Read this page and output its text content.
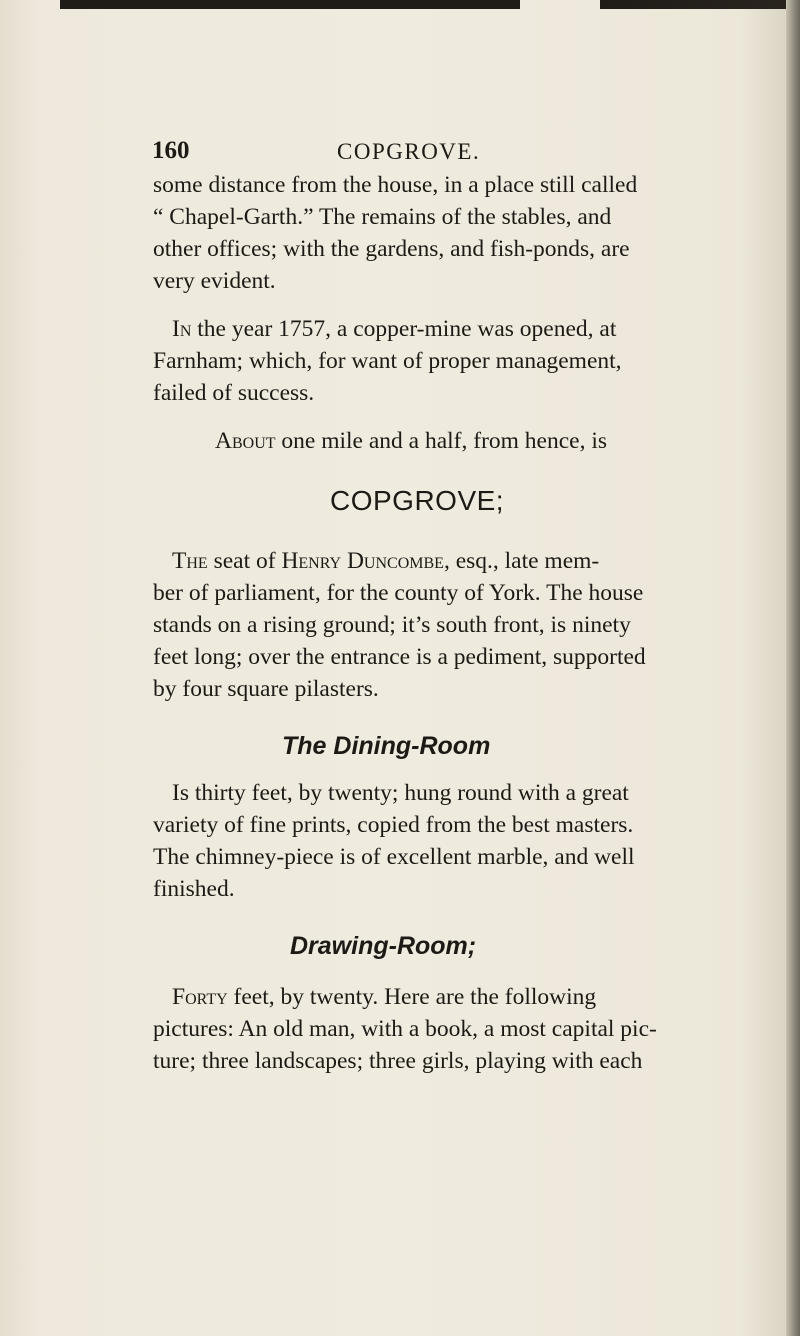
160	COPGROVE.
some distance from the house, in a place still called
“ Chapel-Garth.” The remains of the stables, and
other offices; with the gardens, and fish-ponds, are
very evident.
In the year 1757, a copper-mine was opened, at
Farnham; which, for want of proper management,
failed of success.
About one mile and a half, from hence, is
COPGROVE;
The seat of Henry Duncombe, esq., late mem-
ber of parliament, for the county of York. The house
stands on a rising ground; it’s south front, is ninety
feet long; over the entrance is a pediment, supported
by four square pilasters.
The Dining-Room
Is thirty feet, by twenty; hung round with a great
variety of fine prints, copied from the best masters.
The chimney-piece is of excellent marble, and well
finished.
Drawing-Room;
Forty feet, by twenty. Here are the following
pictures: An old man, with a book, a most capital pic-
ture; three landscapes; three girls, playing with each
